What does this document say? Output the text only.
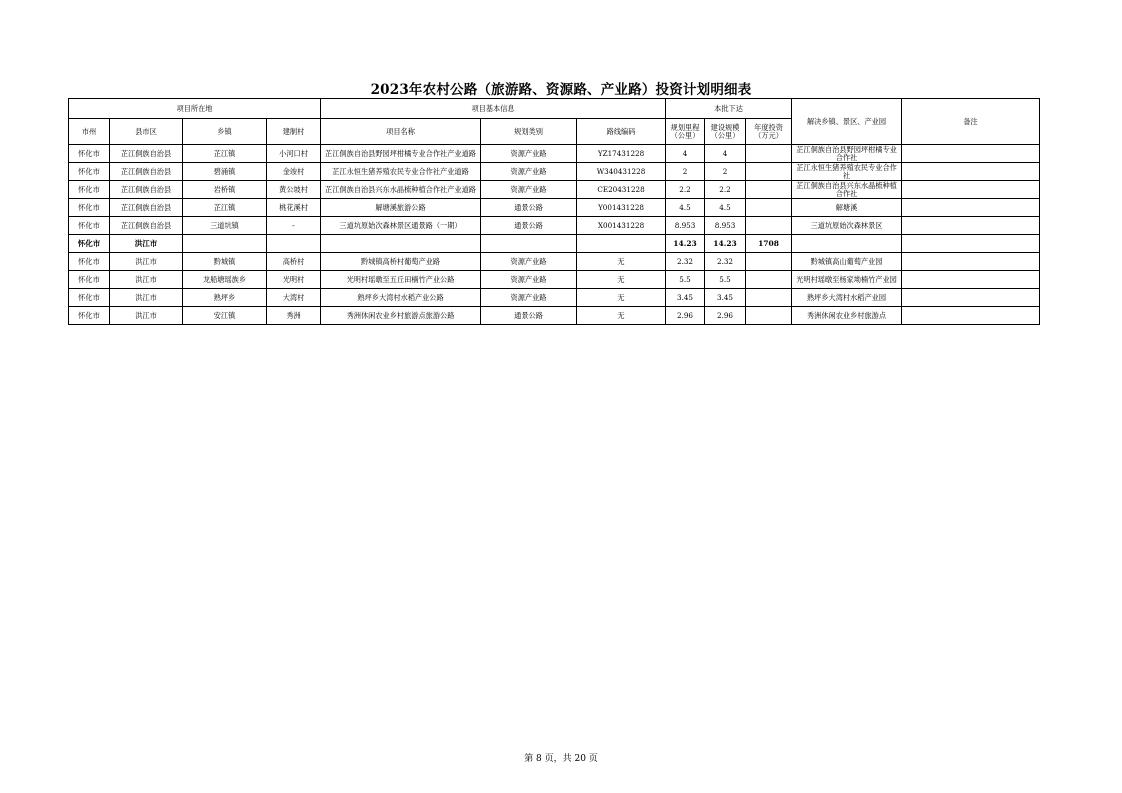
2023年农村公路（旅游路、资源路、产业路）投资计划明细表
项目所在地				项目基本信息			本批下达			解决乡镇、景区、产业园	备注
市州	县市区	乡镇	建制村	项目名称	规划类别	路线编码	规划里程（公里）	建设规模（公里）	年度投资（万元）		
怀化市	芷江侗族自治县	芷江镇	小河口村	芷江侗族自治县野园坪柑橘专业合作社产业道路	资源产业路	YZ17431228	4	4		芷江侗族自治县野园坪柑橘专业合作社	
怀化市	芷江侗族自治县	碧涌镇	金竣村	芷江永恒生猪养殖农民专业合作社产业道路	资源产业路	W340431228	2	2		芷江永恒生猪养殖农民专业合作社	
怀化市	芷江侗族自治县	岩桥镇	黄公坡村	芷江侗族自治县兴东水晶梳种植合作社产业道路	资源产业路	CE20431228	2.2	2.2		芷江侗族自治县兴东水晶梳种植合作社	
怀化市	芷江侗族自治县	芷江镇	桃花溪村	解塘溪旅游公路	通景公路	Y001431228	4.5	4.5		解塘溪	
怀化市	芷江侗族自治县	三道坑镇	-	三道坑原始次森林景区通景路（一期）	通景公路	X001431228	8.953	8.953		三道坑原始次森林景区	
怀化市	洪江市						14.23	14.23	1708		
怀化市	洪江市	黔城镇	高桥村	黔城镇高桥村葡萄产业路	资源产业路	无	2.32	2.32		黔城镇高山葡萄产业园	
怀化市	洪江市	龙船塘瑶族乡	光明村	光明村瑶暾至五丘田楠竹产业公路	资源产业路	无	5.5	5.5		光明村瑶暾至杨家坳楠竹产业园	
怀化市	洪江市	熟坪乡	大湾村	熟坪乡大湾村水稻产业公路	资源产业路	无	3.45	3.45		熟坪乡大湾村水稻产业园	
怀化市	洪江市	安江镇	秀洲	秀洲休闲农业乡村旅游点旅游公路	通景公路	无	2.96	2.96		秀洲休闲农业乡村旅游点	
第 8 页，共 20 页
